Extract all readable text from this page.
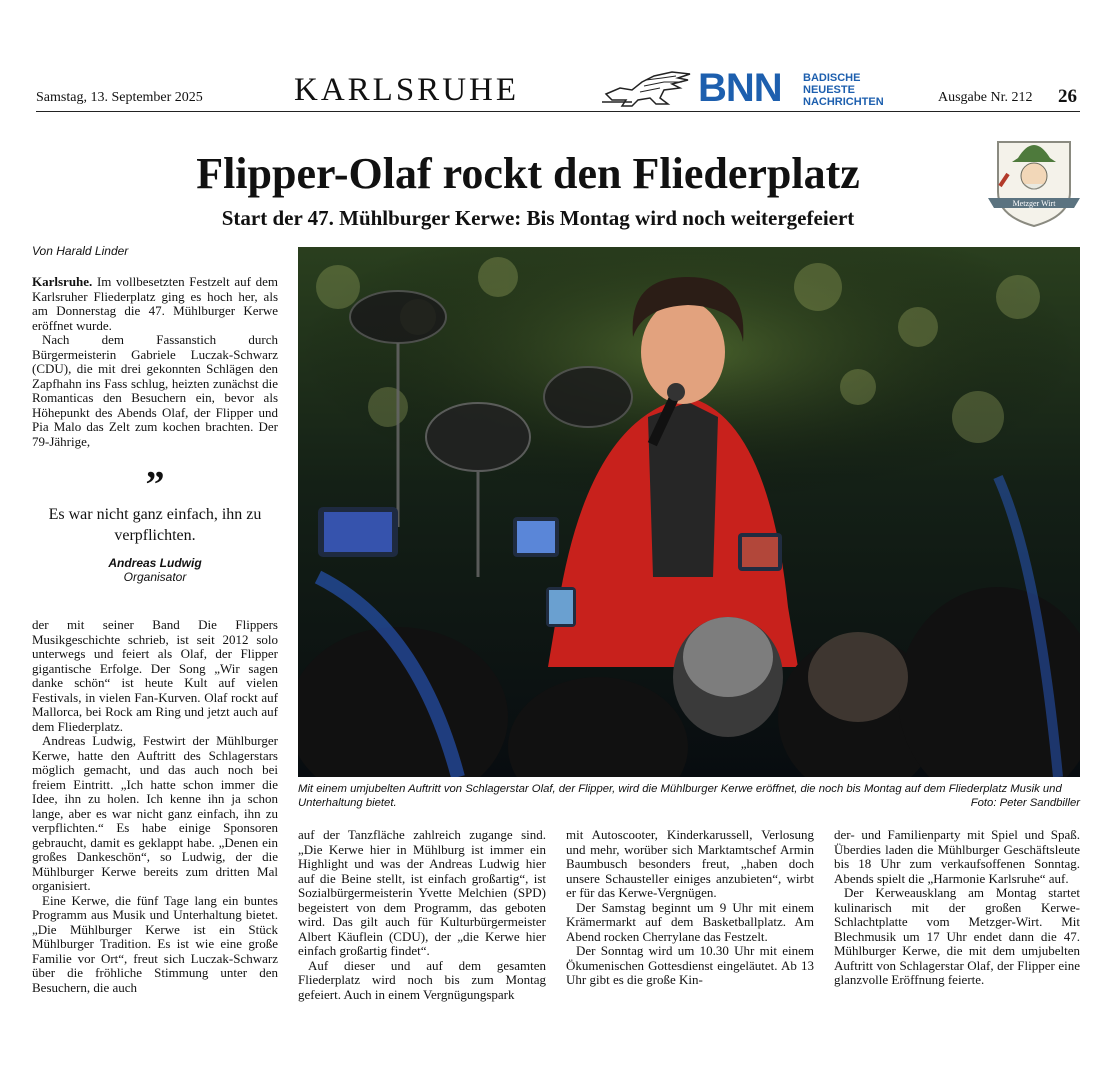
Samstag, 13. September 2025	KARLSRUHE	BNN BADISCHE
NEUESTE
NACHRICHTEN	Ausgabe Nr. 212 26
Flipper-Olaf rockt den Fliederplatz
Start der 47. Mühlburger Kerwe: Bis Montag wird noch weitergefeiert
Metzger Wirt
Von Harald Linder

Karlsruhe. Im vollbesetzten Festzelt auf dem Karlsruher Fliederplatz ging es hoch her, als am Donnerstag die 47. Mühlburger Kerwe eröffnet wurde.

Nach dem Fassanstich durch Bürgermeisterin Gabriele Luczak-Schwarz (CDU), die mit drei gekonnten Schlägen den Zapfhahn ins Fass schlug, heizten zunächst die Romanticas den Besuchern ein, bevor als Höhepunkt des Abends Olaf, der Flipper und Pia Malo das Zelt zum kochen brachten. Der 79-Jährige,

”
Es war nicht ganz einfach, ihn zu verpflichten.
Andreas Ludwig
Organisator

der mit seiner Band Die Flippers Musikgeschichte schrieb, ist seit 2012 solo unterwegs und feiert als Olaf, der Flipper gigantische Erfolge. Der Song „Wir sagen danke schön“ ist heute Kult auf vielen Festivals, in vielen Fan-Kurven. Olaf rockt auf Mallorca, bei Rock am Ring und jetzt auch auf dem Fliederplatz.

Andreas Ludwig, Festwirt der Mühlburger Kerwe, hatte den Auftritt des Schlagerstars möglich gemacht, und das auch noch bei freiem Eintritt. „Ich hatte schon immer die Idee, ihn zu holen. Ich kenne ihn ja schon lange, aber es war nicht ganz einfach, ihn zu verpflichten.“ Es habe einige Sponsoren gebraucht, damit es geklappt habe. „Denen ein großes Dankeschön“, so Ludwig, der die Mühlburger Kerwe bereits zum dritten Mal organisiert.

Eine Kerwe, die fünf Tage lang ein buntes Programm aus Musik und Unterhaltung bietet. „Die Mühlburger Kerwe ist ein Stück Mühlburger Tradition. Es ist wie eine große Familie vor Ort“, freut sich Luczak-Schwarz über die fröhliche Stimmung unter den Besuchern, die auch

Mit einem umjubelten Auftritt von Schlagerstar Olaf, der Flipper, wird die Mühlburger Kerwe eröffnet, die noch bis Montag auf dem Fliederplatz Musik und Unterhaltung bietet.	Foto: Peter Sandbiller

auf der Tanzfläche zahlreich zugange sind. „Die Kerwe hier in Mühlburg ist immer ein Highlight und was der Andreas Ludwig hier auf die Beine stellt, ist einfach großartig“, ist Sozialbürgermeisterin Yvette Melchien (SPD) begeistert von dem Programm, das geboten wird. Das gilt auch für Kulturbürgermeister Albert Käuflein (CDU), der „die Kerwe hier einfach großartig findet“.

Auf dieser und auf dem gesamten Fliederplatz wird noch bis zum Montag gefeiert. Auch in einem Vergnügungspark

mit Autoscooter, Kinderkarussell, Verlosung und mehr, worüber sich Marktamtschef Armin Baumbusch besonders freut, „haben doch unsere Schausteller einiges anzubieten“, wirbt er für das Kerwe-Vergnügen.

Der Samstag beginnt um 9 Uhr mit einem Krämermarkt auf dem Basketballplatz. Am Abend rocken Cherrylane das Festzelt.

Der Sonntag wird um 10.30 Uhr mit einem Ökumenischen Gottesdienst eingeläutet. Ab 13 Uhr gibt es die große Kin-

der- und Familienparty mit Spiel und Spaß. Überdies laden die Mühlburger Geschäftsleute bis 18 Uhr zum verkaufsoffenen Sonntag. Abends spielt die „Harmonie Karlsruhe“ auf.

Der Kerweausklang am Montag startet kulinarisch mit der großen Kerwe-Schlachtplatte vom Metzger-Wirt. Mit Blechmusik um 17 Uhr endet dann die 47. Mühlburger Kerwe, die mit dem umjubelten Auftritt von Schlagerstar Olaf, der Flipper eine glanzvolle Eröffnung feierte.
